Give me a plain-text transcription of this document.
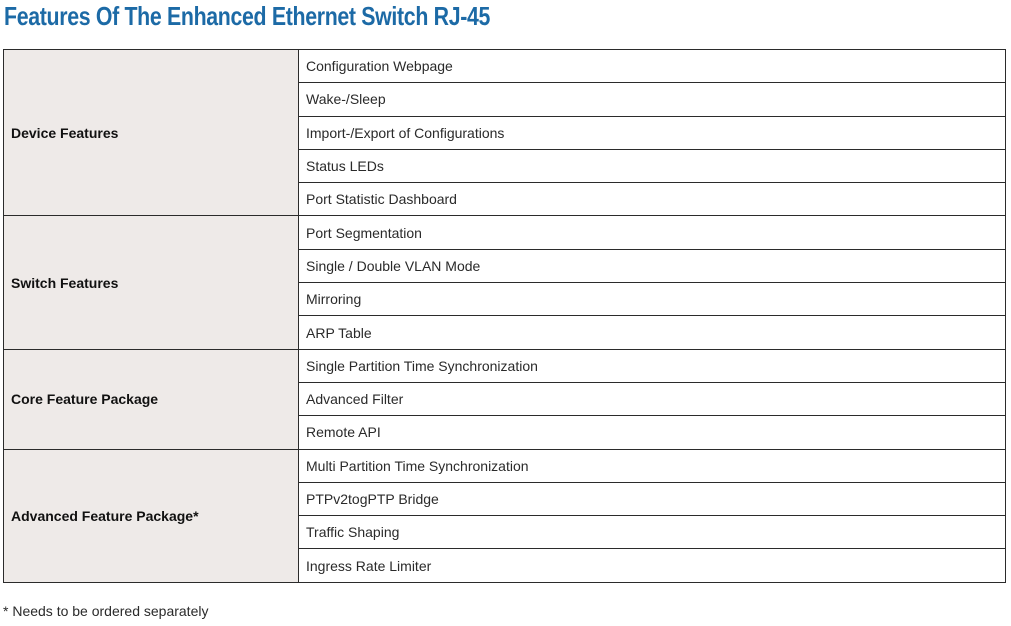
Features Of The Enhanced Ethernet Switch RJ-45
Device Features	Configuration Webpage
	Wake-/Sleep
	Import-/Export of Configurations
	Status LEDs
	Port Statistic Dashboard
Switch Features	Port Segmentation
	Single / Double VLAN Mode
	Mirroring
	ARP Table
Core Feature Package	Single Partition Time Synchronization
	Advanced Filter
	Remote API
Advanced Feature Package*	Multi Partition Time Synchronization
	PTPv2togPTP Bridge
	Traffic Shaping
	Ingress Rate Limiter
* Needs to be ordered separately
